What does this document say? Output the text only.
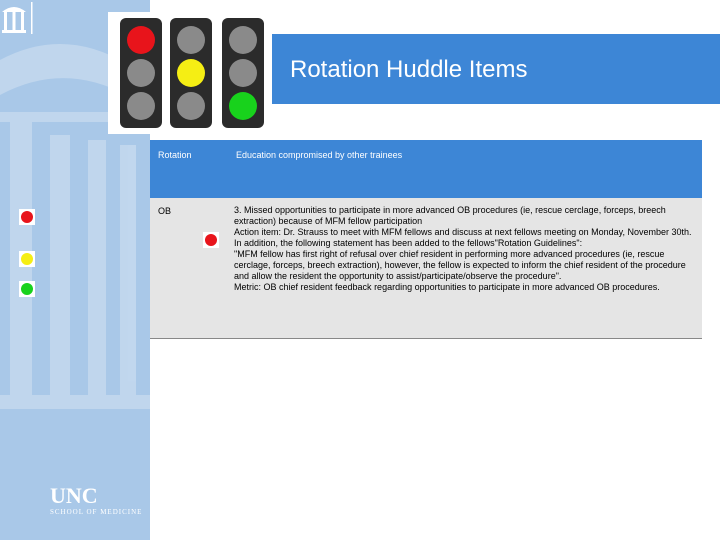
UNC
SCHOOL OF MEDICINE
Rotation Huddle Items
Rotation	Education compromised by other trainees
OB	3. Missed opportunities to participate in more advanced OB procedures (ie, rescue cerclage, forceps, breech extraction) because of MFM fellow participation
Action item: Dr. Strauss to meet with MFM fellows and discuss at next fellows meeting on Monday, November 30th. In addition, the following statement has been added to the fellows"Rotation Guidelines":
"MFM fellow has first right of refusal over chief resident in performing more advanced procedures (ie, rescue cerclage, forceps, breech extraction), however, the fellow is expected to inform the chief resident of the procedure and allow the resident the opportunity to assist/participate/observe the procedure".
Metric: OB chief resident feedback regarding opportunities to participate in more advanced OB procedures.
